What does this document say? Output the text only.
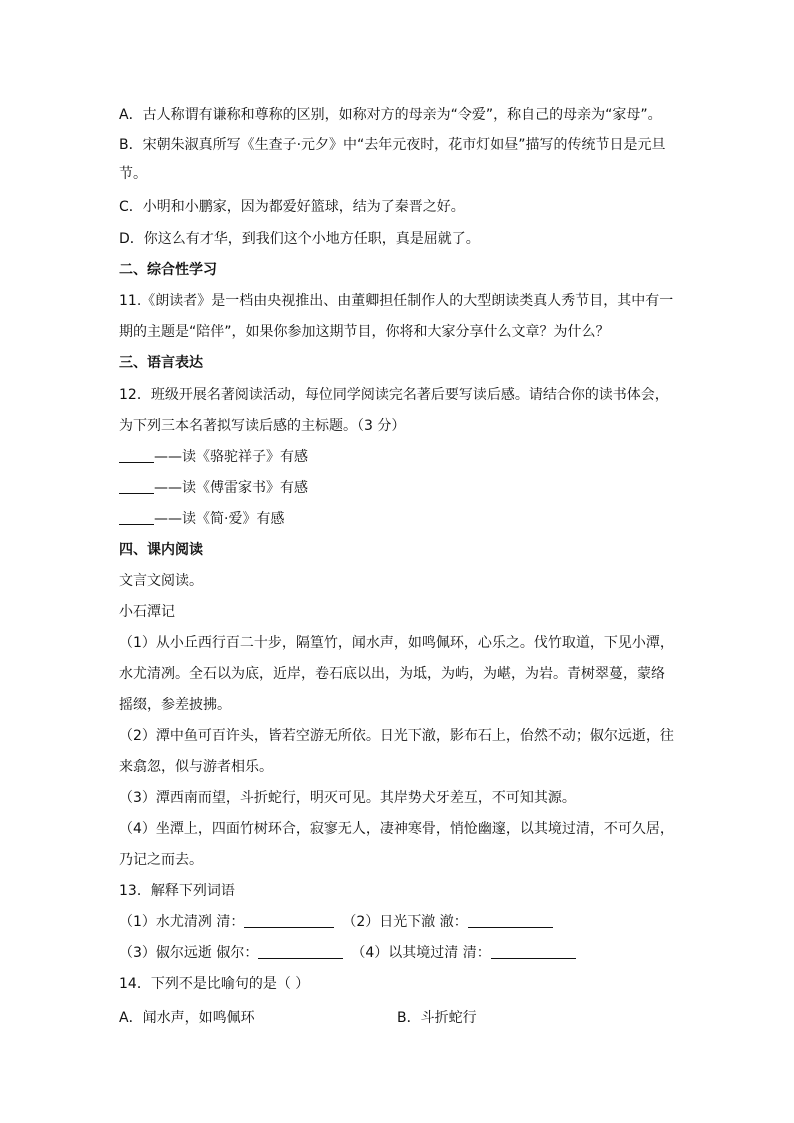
A．古人称谓有谦称和尊称的区别，如称对方的母亲为“令爱”，称自己的母亲为“家母”。
B．宋朝朱淑真所写《生查子·元夕》中“去年元夜时，花市灯如昼”描写的传统节日是元旦
节。
C．小明和小鹏家，因为都爱好篮球，结为了秦晋之好。
D．你这么有才华，到我们这个小地方任职，真是屈就了。
二、综合性学习
11.《朗读者》是一档由央视推出、由董卿担任制作人的大型朗读类真人秀节目，其中有一
期的主题是“陪伴”，如果你参加这期节目，你将和大家分享什么文章？为什么？
三、语言表达
12．班级开展名著阅读活动，每位同学阅读完名著后要写读后感。请结合你的读书体会，
为下列三本名著拟写读后感的主标题。（3 分）
——读《骆驼祥子》有感
——读《傅雷家书》有感
——读《简·爱》有感
四、课内阅读
文言文阅读。
小石潭记
（1）从小丘西行百二十步，隔篁竹，闻水声，如鸣佩环，心乐之。伐竹取道，下见小潭，
水尤清冽。全石以为底，近岸，卷石底以出，为坻，为屿，为嵁，为岩。青树翠蔓，蒙络
摇缀，参差披拂。
（2）潭中鱼可百许头，皆若空游无所依。日光下澈，影布石上，佁然不动；俶尔远逝，往
来翕忽，似与游者相乐。
（3）潭西南而望，斗折蛇行，明灭可见。其岸势犬牙差互，不可知其源。
（4）坐潭上，四面竹树环合，寂寥无人，凄神寒骨，悄怆幽邃，以其境过清，不可久居，
乃记之而去。
13．解释下列词语
（1）水尤清冽 清：	（2）日光下澈 澈：
（3）俶尔远逝 俶尔：	（4）以其境过清 清：
14．下列不是比喻句的是（ ）
A．闻水声，如鸣佩环	B．斗折蛇行
